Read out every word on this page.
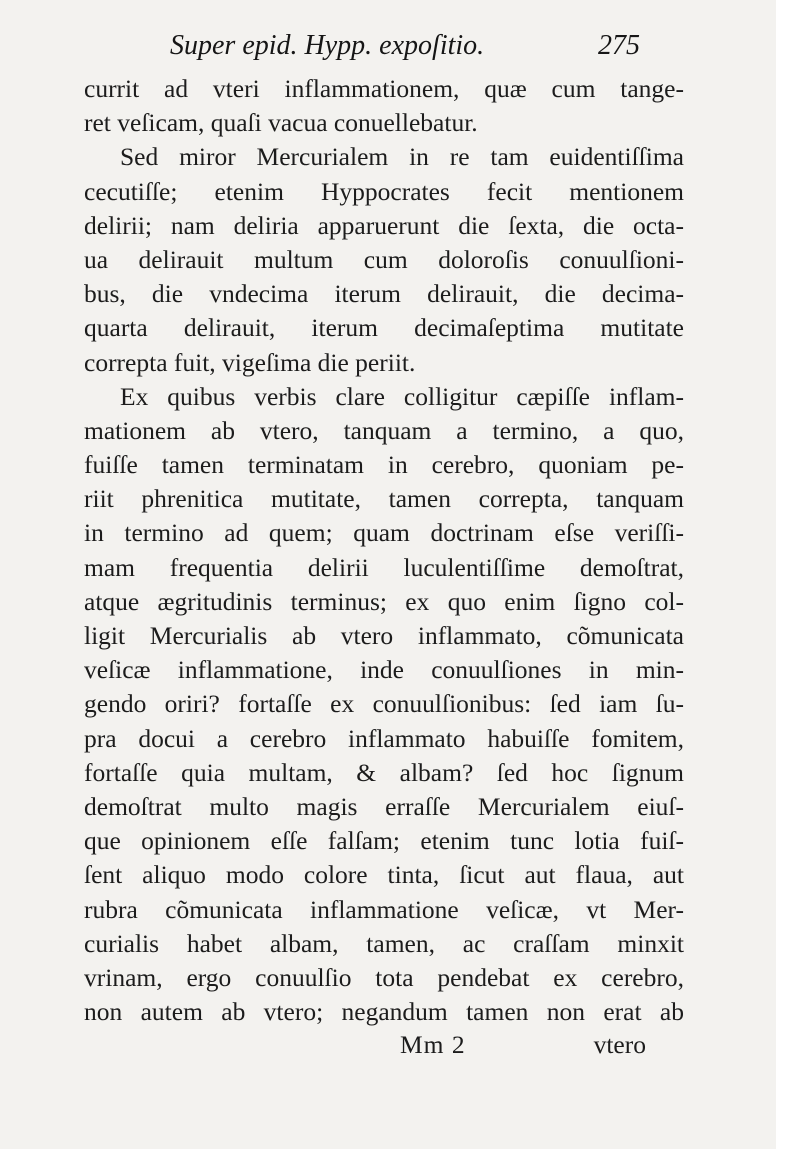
Super epid. Hypp. expoſitio.	275
currit ad vteri inflammationem, quæ cum tange-
ret veſicam, quaſi vacua conuellebatur.
Sed miror Mercurialem in re tam euidentiſſima
cecutiſſe; etenim Hyppocrates fecit mentionem
delirii; nam deliria apparuerunt die ſexta, die octa-
ua delirauit multum cum doloroſis conuulſioni-
bus, die vndecima iterum delirauit, die decima-
quarta delirauit, iterum decimaſeptima mutitate
correpta fuit, vigeſima die periit.
Ex quibus verbis clare colligitur cæpiſſe inflam-
mationem ab vtero, tanquam a termino, a quo,
fuiſſe tamen terminatam in cerebro, quoniam pe-
riit phrenitica mutitate, tamen correpta, tanquam
in termino ad quem; quam doctrinam eſse veriſſi-
mam frequentia delirii luculentiſſime demoſtrat,
atque ægritudinis terminus; ex quo enim ſigno col-
ligit Mercurialis ab vtero inflammato, cõmunicata
veſicæ inflammatione, inde conuulſiones in min-
gendo oriri? fortaſſe ex conuulſionibus: ſed iam ſu-
pra docui a cerebro inflammato habuiſſe fomitem,
fortaſſe quia multam, & albam? ſed hoc ſignum
demoſtrat multo magis erraſſe Mercurialem eiuſ-
que opinionem eſſe falſam; etenim tunc lotia fuiſ-
ſent aliquo modo colore tinta, ſicut aut flaua, aut
rubra cõmunicata inflammatione veſicæ, vt Mer-
curialis habet albam, tamen, ac craſſam minxit
vrinam, ergo conuulſio tota pendebat ex cerebro,
non autem ab vtero; negandum tamen non erat ab
Mm 2	vtero
